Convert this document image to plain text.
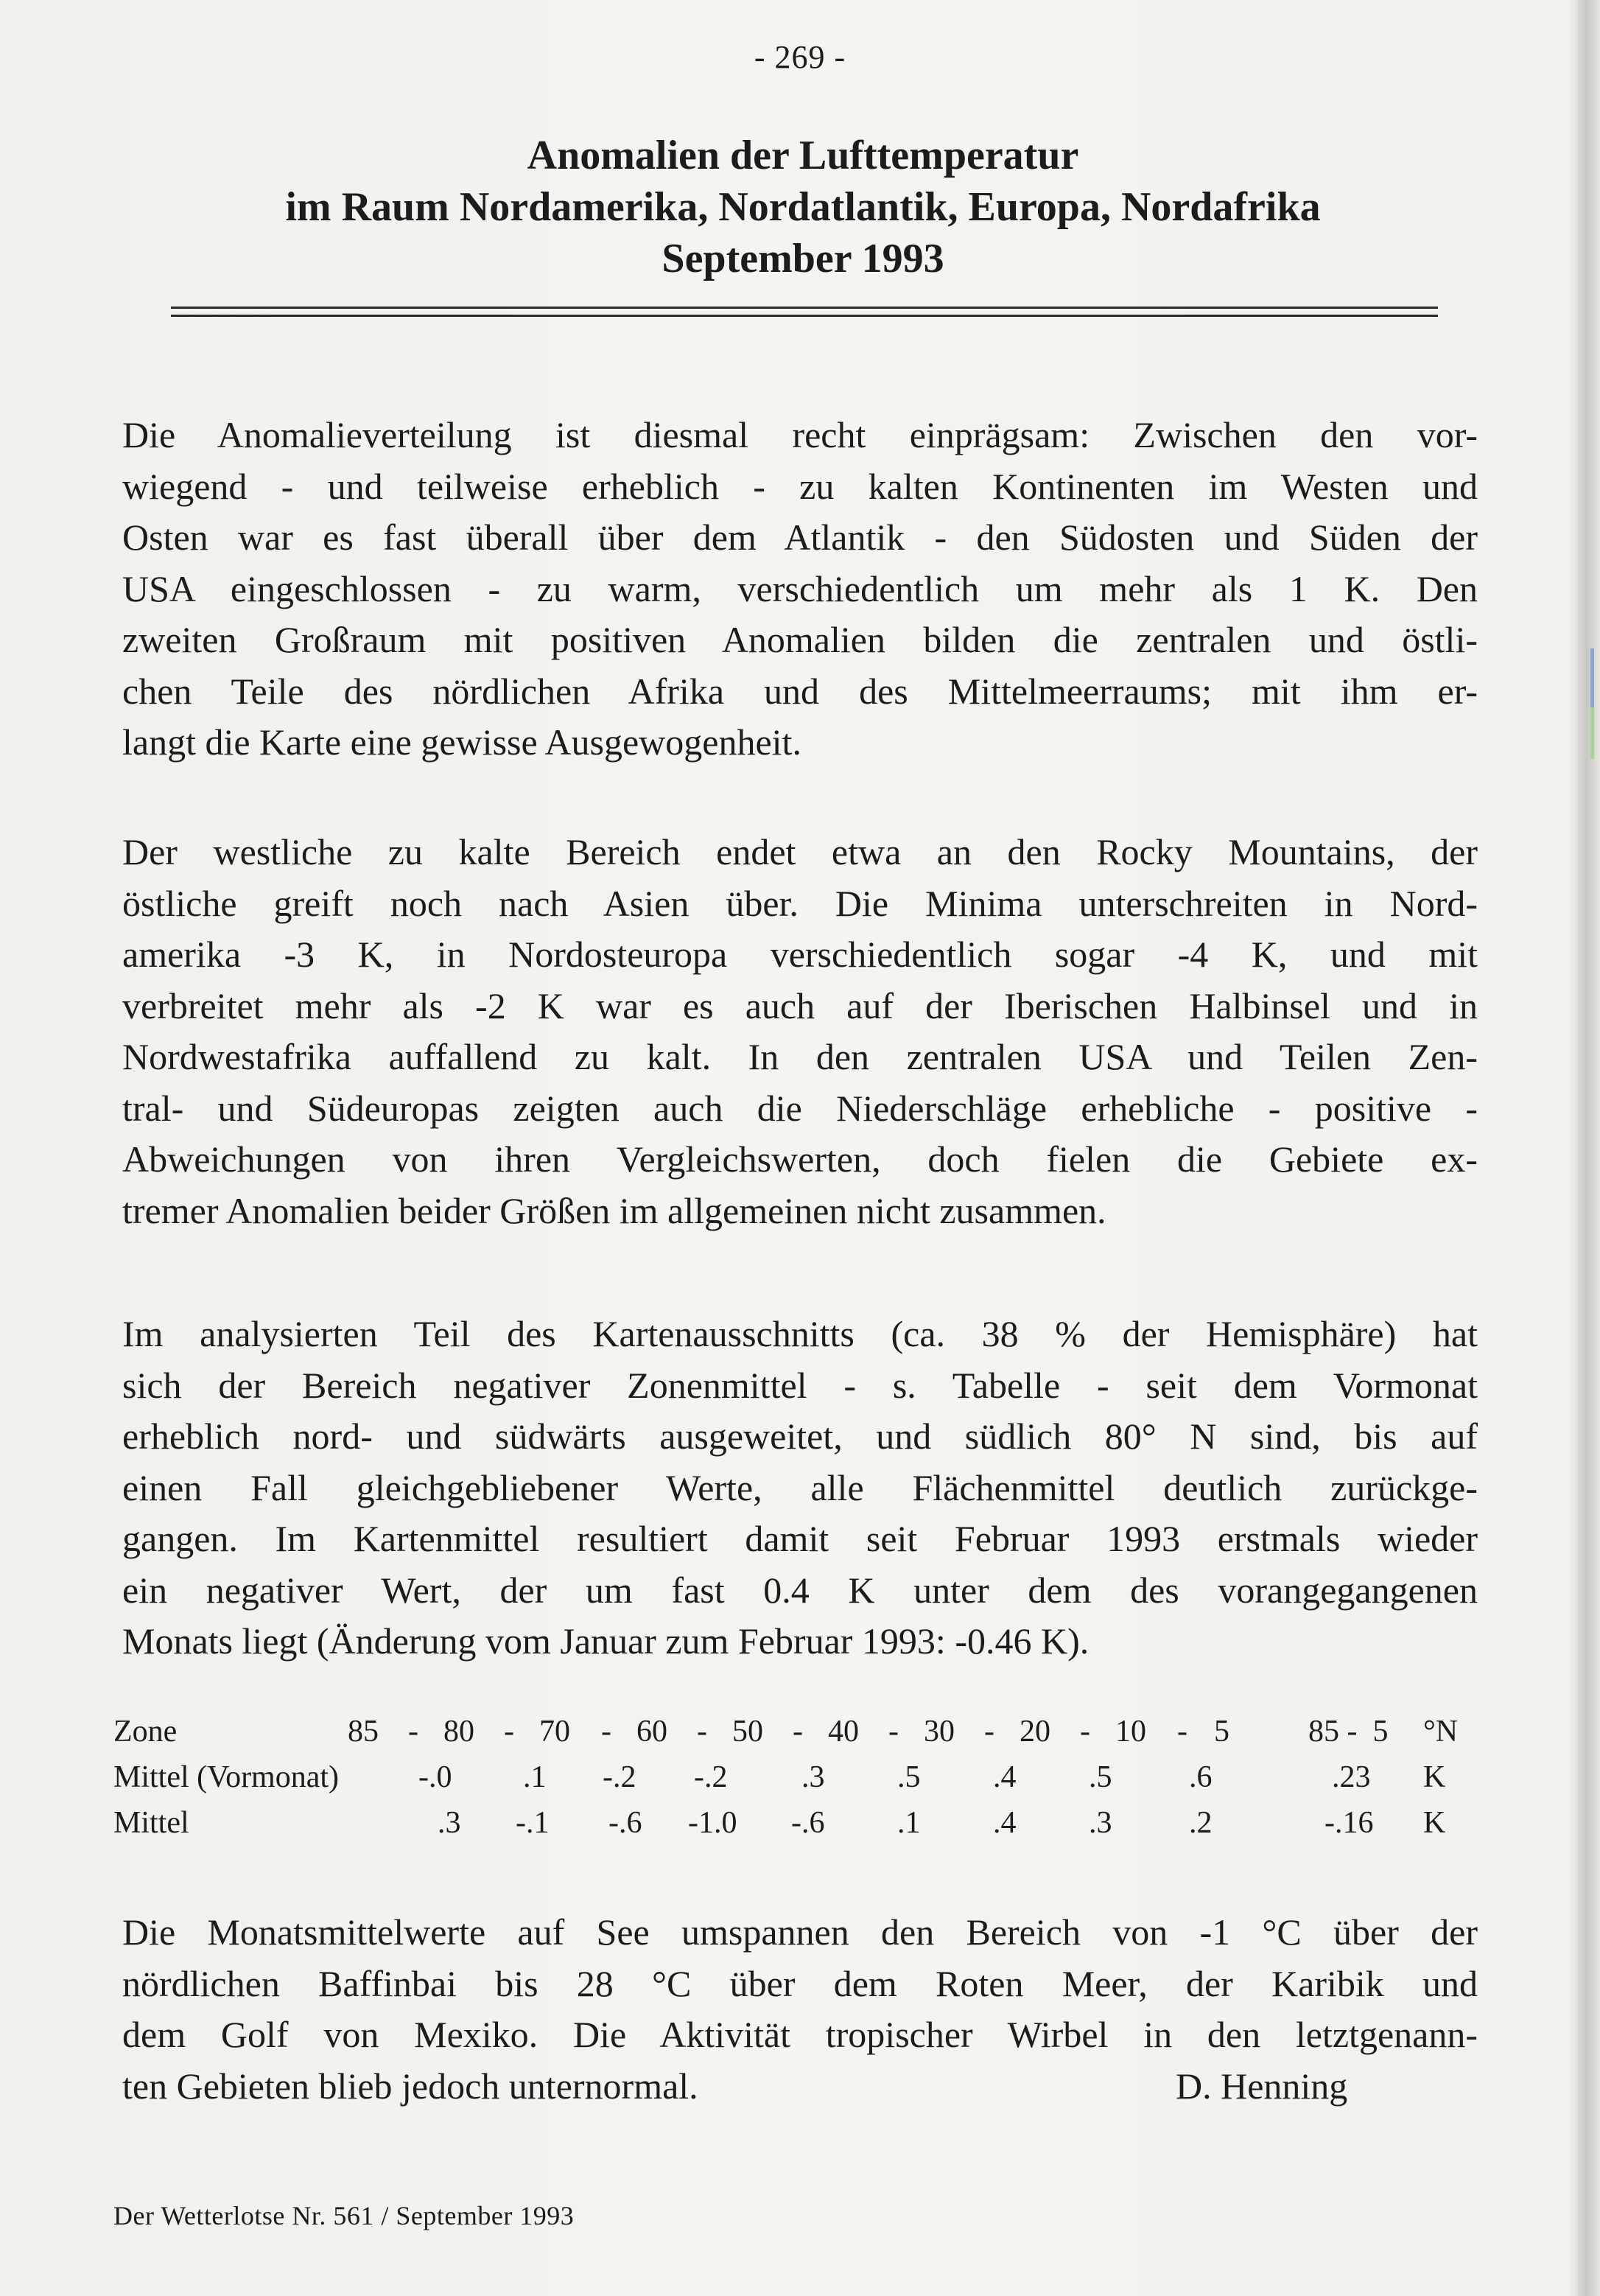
- 269 -
Anomalien der Lufttemperatur
im Raum Nordamerika, Nordatlantik, Europa, Nordafrika
September 1993
Die Anomalieverteilung ist diesmal recht einprägsam: Zwischen den vor-
wiegend - und teilweise erheblich - zu kalten Kontinenten im Westen und
Osten war es fast überall über dem Atlantik - den Südosten und Süden der
USA eingeschlossen - zu warm, verschiedentlich um mehr als 1 K. Den
zweiten Großraum mit positiven Anomalien bilden die zentralen und östli-
chen Teile des nördlichen Afrika und des Mittelmeerraums; mit ihm er-
langt die Karte eine gewisse Ausgewogenheit.
Der westliche zu kalte Bereich endet etwa an den Rocky Mountains, der
östliche greift noch nach Asien über. Die Minima unterschreiten in Nord-
amerika -3 K, in Nordosteuropa verschiedentlich sogar -4 K, und mit
verbreitet mehr als -2 K war es auch auf der Iberischen Halbinsel und in
Nordwestafrika auffallend zu kalt. In den zentralen USA und Teilen Zen-
tral- und Südeuropas zeigten auch die Niederschläge erhebliche - positive -
Abweichungen von ihren Vergleichswerten, doch fielen die Gebiete ex-
tremer Anomalien beider Größen im allgemeinen nicht zusammen.
Im analysierten Teil des Kartenausschnitts (ca. 38 % der Hemisphäre) hat
sich der Bereich negativer Zonenmittel - s. Tabelle - seit dem Vormonat
erheblich nord- und südwärts ausgeweitet, und südlich 80° N sind, bis auf
einen Fall gleichgebliebener Werte, alle Flächenmittel deutlich zurückge-
gangen. Im Kartenmittel resultiert damit seit Februar 1993 erstmals wieder
ein negativer Wert, der um fast 0.4 K unter dem des vorangegangenen
Monats liegt (Änderung vom Januar zum Februar 1993: -0.46 K).
Zone	85 - 80 - 70 - 60 - 50 - 40 - 30 - 20 - 10 - 5	85 -  5 °N
Mittel (Vormonat)	-.0 .1 -.2 -.2 .3 .5 .4 .5 .6	.23 K
Mittel	.3 -.1 -.6 -1.0 -.6 .1 .4 .3 .2	-.16 K
Die Monatsmittelwerte auf See umspannen den Bereich von -1 °C über der
nördlichen Baffinbai bis 28 °C über dem Roten Meer, der Karibik und
dem Golf von Mexiko. Die Aktivität tropischer Wirbel in den letztgenann-
ten Gebieten blieb jedoch unternormal.	D. Henning
Der Wetterlotse Nr. 561 / September 1993
